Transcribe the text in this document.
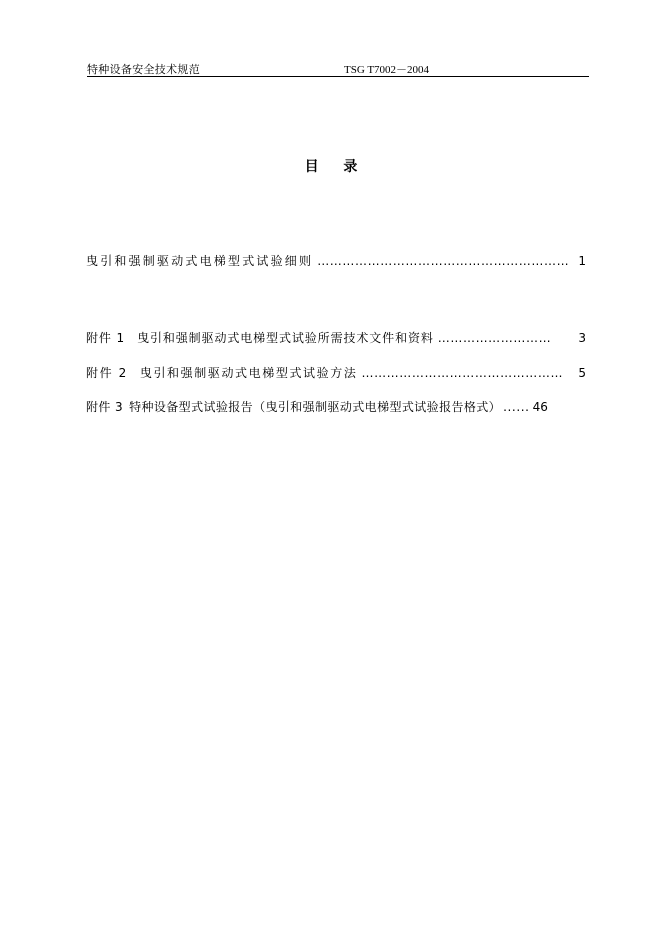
特种设备安全技术规范	TSG T7002－2004
目 录
曳引和强制驱动式电梯型式试验细则 …………………………………………………… 1
附件 1 曳引和强制驱动式电梯型式试验所需技术文件和资料 ………………………	3
附件 2 曳引和强制驱动式电梯型式试验方法 …………………………………………	5
附件 3 特种设备型式试验报告（曳引和强制驱动式电梯型式试验报告格式） ...... 46
